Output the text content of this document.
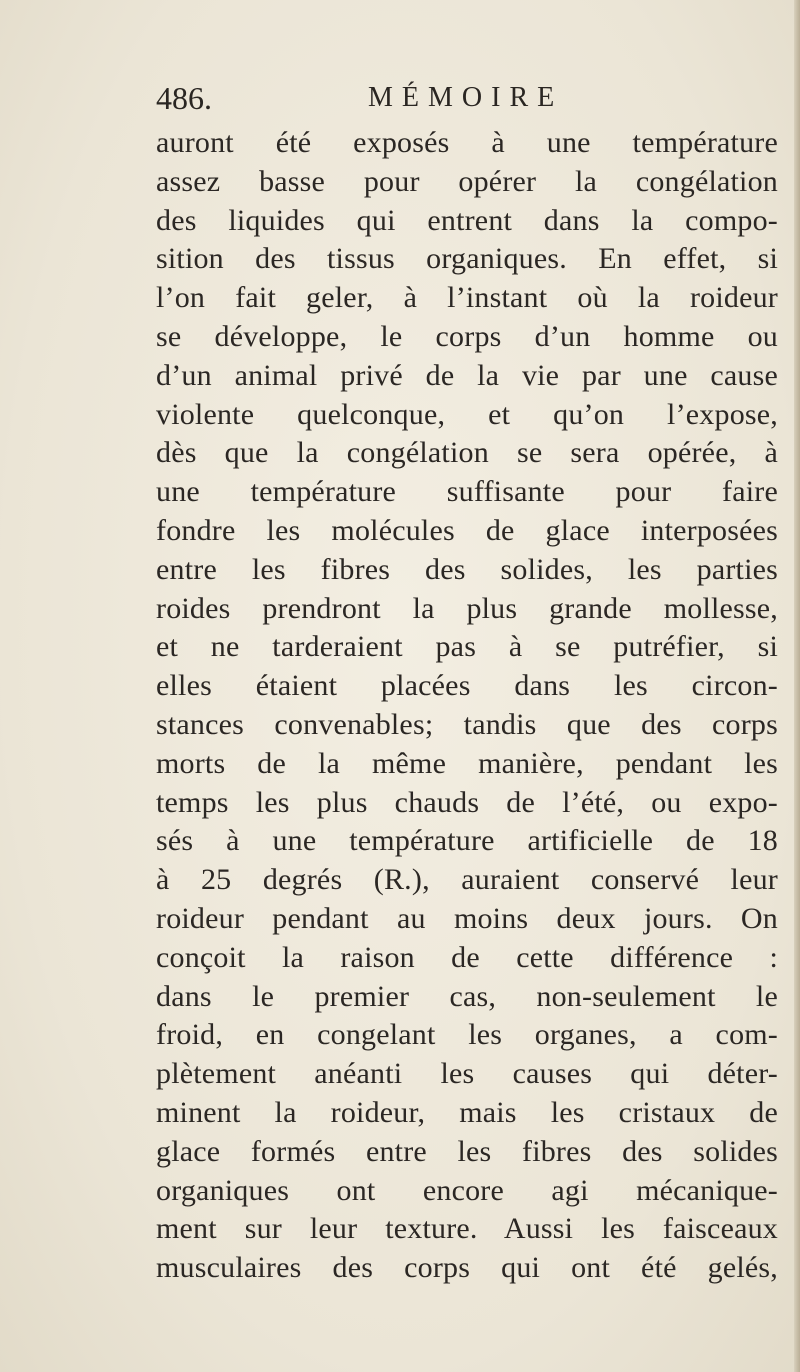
486.	MÉMOIRE
auront été exposés à une température
assez basse pour opérer la congélation
des liquides qui entrent dans la compo-
sition des tissus organiques. En effet, si
l’on fait geler, à l’instant où la roideur
se développe, le corps d’un homme ou
d’un animal privé de la vie par une cause
violente quelconque, et qu’on l’expose,
dès que la congélation se sera opérée, à
une température suffisante pour faire
fondre les molécules de glace interposées
entre les fibres des solides, les parties
roides prendront la plus grande mollesse,
et ne tarderaient pas à se putréfier, si
elles étaient placées dans les circon-
stances convenables; tandis que des corps
morts de la même manière, pendant les
temps les plus chauds de l’été, ou expo-
sés à une température artificielle de 18
à 25 degrés (R.), auraient conservé leur
roideur pendant au moins deux jours. On
conçoit la raison de cette différence :
dans le premier cas, non-seulement le
froid, en congelant les organes, a com-
plètement anéanti les causes qui déter-
minent la roideur, mais les cristaux de
glace formés entre les fibres des solides
organiques ont encore agi mécanique-
ment sur leur texture. Aussi les faisceaux
musculaires des corps qui ont été gelés,
